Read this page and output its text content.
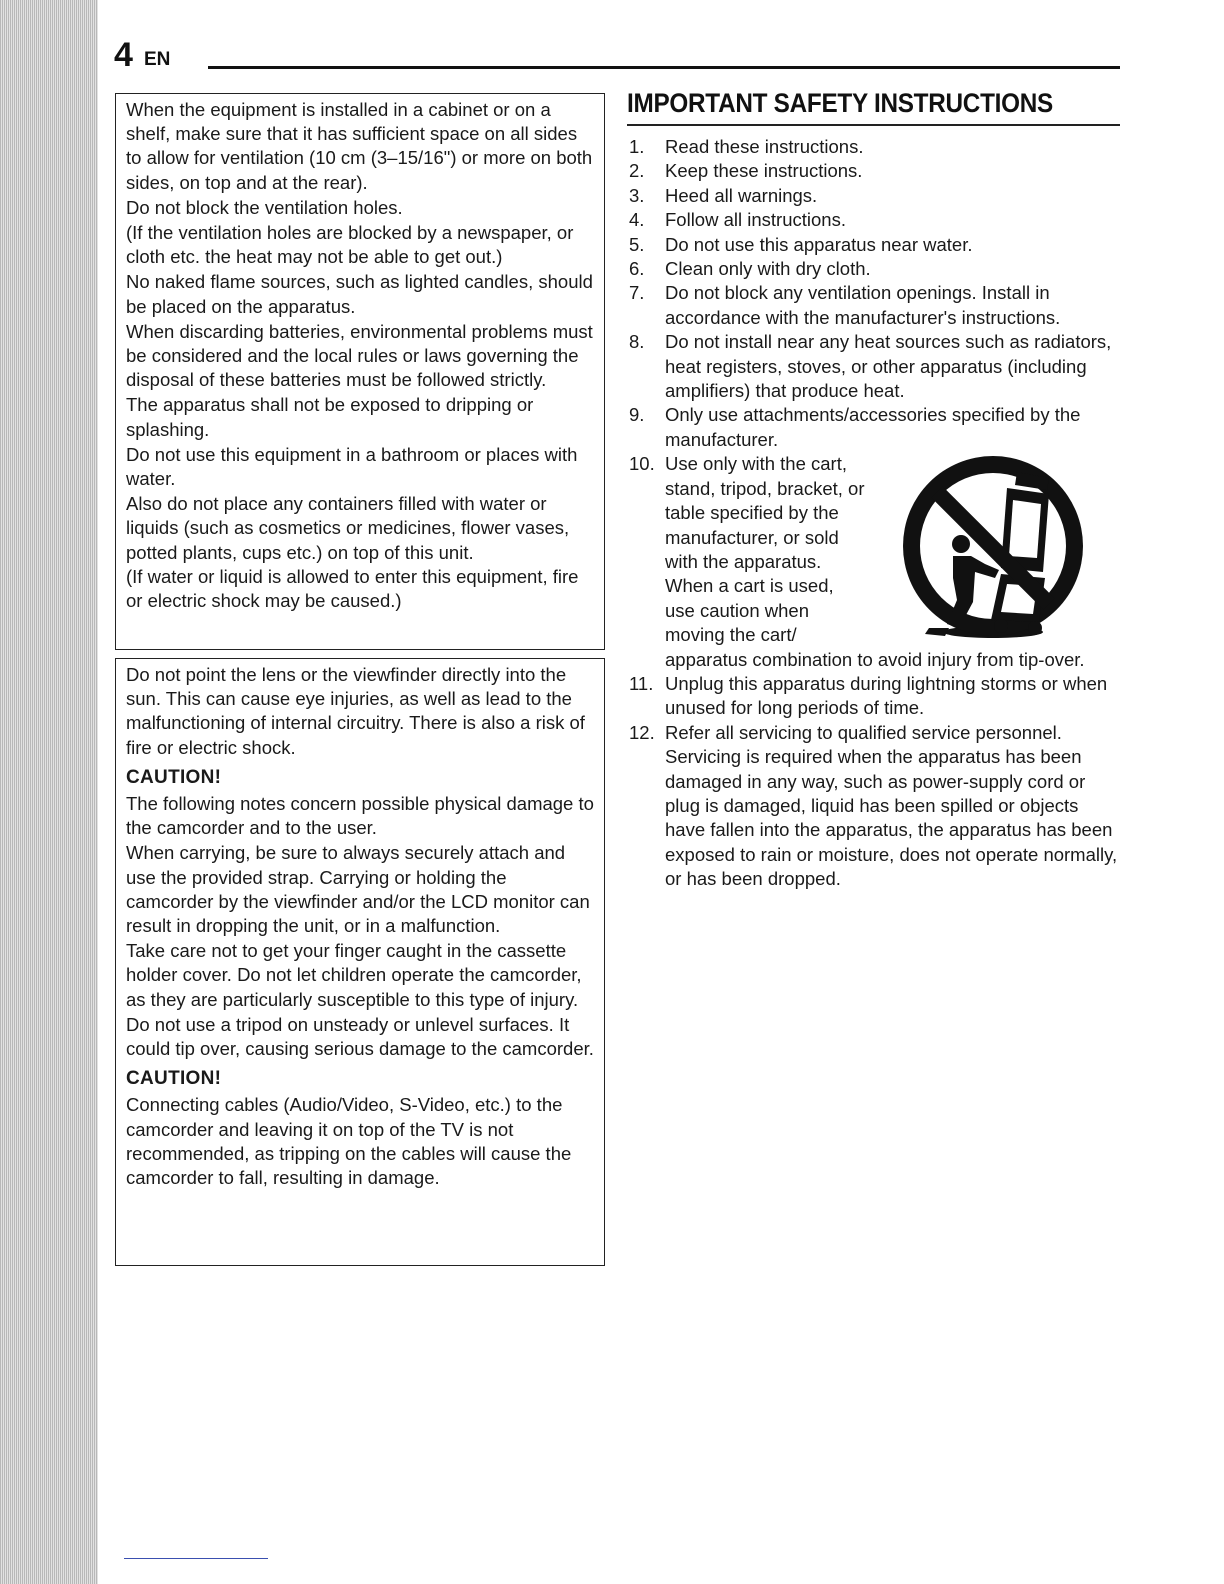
4 EN

When the equipment is installed in a cabinet or on a shelf, make sure that it has sufficient space on all sides to allow for ventilation (10 cm (3–15/16") or more on both sides, on top and at the rear).

Do not block the ventilation holes.

(If the ventilation holes are blocked by a newspaper, or cloth etc. the heat may not be able to get out.)

No naked flame sources, such as lighted candles, should be placed on the apparatus.

When discarding batteries, environmental problems must be considered and the local rules or laws governing the disposal of these batteries must be followed strictly.

The apparatus shall not be exposed to dripping or splashing.

Do not use this equipment in a bathroom or places with water.

Also do not place any containers filled with water or liquids (such as cosmetics or medicines, flower vases, potted plants, cups etc.) on top of this unit.

(If water or liquid is allowed to enter this equipment, fire or electric shock may be caused.)

Do not point the lens or the viewfinder directly into the sun. This can cause eye injuries, as well as lead to the malfunctioning of internal circuitry. There is also a risk of fire or electric shock.

CAUTION!

The following notes concern possible physical damage to the camcorder and to the user.

When carrying, be sure to always securely attach and use the provided strap. Carrying or holding the camcorder by the viewfinder and/or the LCD monitor can result in dropping the unit, or in a malfunction.

Take care not to get your finger caught in the cassette holder cover. Do not let children operate the camcorder, as they are particularly susceptible to this type of injury.

Do not use a tripod on unsteady or unlevel surfaces. It could tip over, causing serious damage to the camcorder.

CAUTION!

Connecting cables (Audio/Video, S-Video, etc.) to the camcorder and leaving it on top of the TV is not recommended, as tripping on the cables will cause the camcorder to fall, resulting in damage.

IMPORTANT SAFETY INSTRUCTIONS
1. Read these instructions.
2. Keep these instructions.
3. Heed all warnings.
4. Follow all instructions.
5. Do not use this apparatus near water.
6. Clean only with dry cloth.
7. Do not block any ventilation openings. Install in accordance with the manufacturer's instructions.
8. Do not install near any heat sources such as radiators, heat registers, stoves, or other apparatus (including amplifiers) that produce heat.
9. Only use attachments/accessories specified by the manufacturer.
10. Use only with the cart, stand, tripod, bracket, or table specified by the manufacturer, or sold with the apparatus. When a cart is used, use caution when moving the cart/
apparatus combination to avoid injury from tip-over.
11. Unplug this apparatus during lightning storms or when unused for long periods of time.
12. Refer all servicing to qualified service personnel. Servicing is required when the apparatus has been damaged in any way, such as power-supply cord or plug is damaged, liquid has been spilled or objects have fallen into the apparatus, the apparatus has been exposed to rain or moisture, does not operate normally, or has been dropped.
